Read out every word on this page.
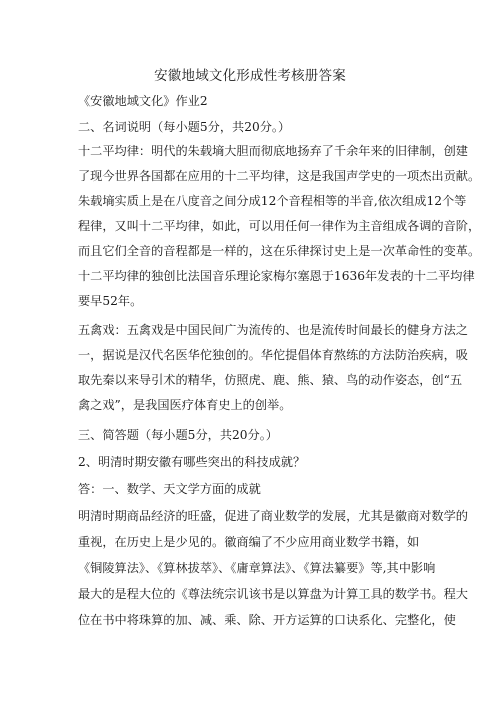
安徽地域文化形成性考核册答案
《安徽地域文化》作业2
二、名词说明（每小题5分，共20分。）
十二平均律：明代的朱载墒大胆而彻底地扬弃了千余年来的旧律制，创建
了现今世界各国都在应用的十二平均律，这是我国声学史的一项杰出贡献。
朱载墒实质上是在八度音之间分成12个音程相等的半音,依次组成12个等
程律，又叫十二平均律，如此，可以用任何一律作为主音组成各调的音阶，
而且它们全音的音程都是一样的，这在乐律探讨史上是一次革命性的变革。
十二平均律的独创比法国音乐理论家梅尔塞恩于1636年发表的十二平均律
要早52年。
五禽戏：五禽戏是中国民间广为流传的、也是流传时间最长的健身方法之
一，据说是汉代名医华佗独创的。华佗提倡体育熬练的方法防治疾病，吸
取先秦以来导引术的精华，仿照虎、鹿、熊、猿、鸟的动作姿态，创“五
禽之戏”，是我国医疗体育史上的创举。
三、简答题（每小题5分，共20分。）
2、明清时期安徽有哪些突出的科技成就？
答：一、数学、天文学方面的成就
明清时期商品经济的旺盛，促进了商业数学的发展，尤其是徽商对数学的
重视，在历史上是少见的。徽商编了不少应用商业数学书籍，如
《铜陵算法》、《算林拔萃》、《庸章算法》、《算法纂要》等,其中影响
最大的是程大位的《尊法统宗讥该书是以算盘为计算工具的数学书。程大
位在书中将珠算的加、减、乘、除、开方运算的口诀系化、完整化，使
